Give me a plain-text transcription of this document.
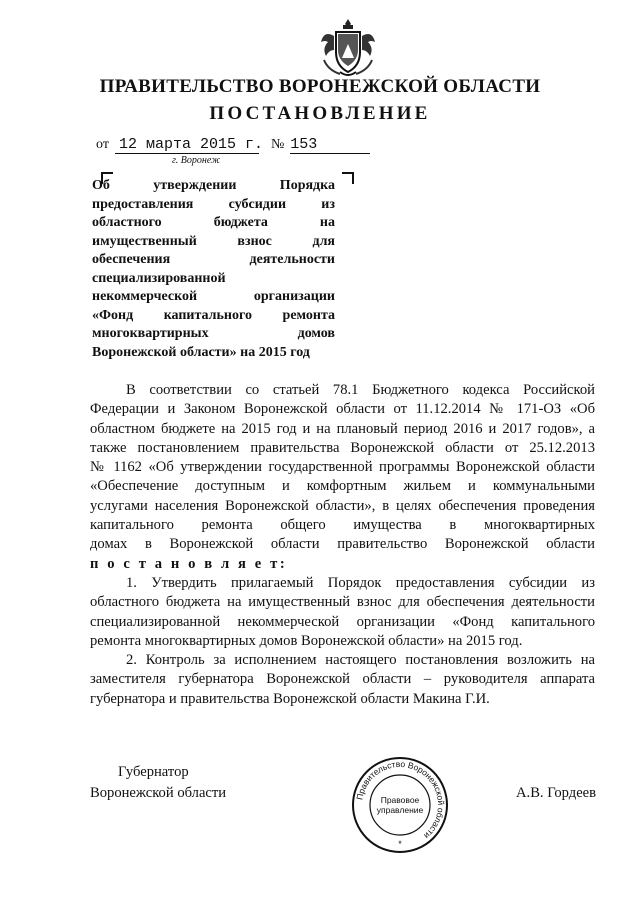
ПРАВИТЕЛЬСТВО ВОРОНЕЖСКОЙ ОБЛАСТИ
ПОСТАНОВЛЕНИЕ
от 12 марта 2015 г. № 153
г. Воронеж
Об утверждении Порядка
предоставления субсидии из
областного бюджета на
имущественный взнос для
обеспечения деятельности
специализированной
некоммерческой организации
«Фонд капитального ремонта
многоквартирных домов
Воронежской области» на 2015 год
В соответствии со статьей 78.1 Бюджетного кодекса Российской
Федерации и Законом Воронежской области от 11.12.2014 № 171-ОЗ «Об
областном бюджете на 2015 год и на плановый период 2016 и 2017 годов», а
также постановлением правительства Воронежской области от 25.12.2013
№ 1162 «Об утверждении государственной программы Воронежской области
«Обеспечение доступным и комфортным жильем и коммунальными
услугами населения Воронежской области», в целях обеспечения проведения
капитального ремонта общего имущества в многоквартирных
домах в Воронежской области правительство Воронежской области
п о с т а н о в л я е т:
1. Утвердить прилагаемый Порядок предоставления субсидии из
областного бюджета на имущественный взнос для обеспечения деятельности
специализированной некоммерческой организации «Фонд капитального
ремонта многоквартирных домов Воронежской области» на 2015 год.
2. Контроль за исполнением настоящего постановления возложить на
заместителя губернатора Воронежской области – руководителя аппарата
губернатора и правительства Воронежской области Макина Г.И.
Губернатор
Воронежской области	А.В. Гордеев
Правительство Воронежской области
Правовое
управление
*
